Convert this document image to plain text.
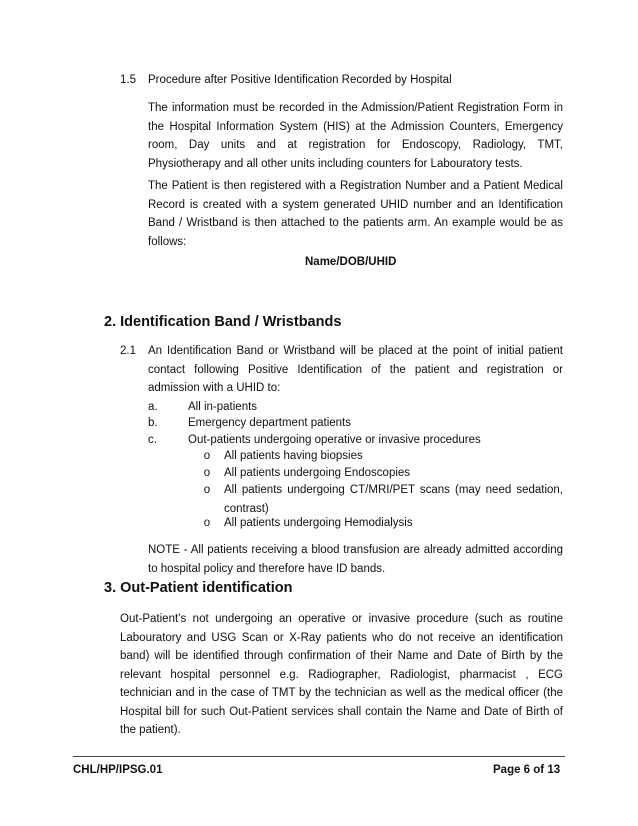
1.5 Procedure after Positive Identification Recorded by Hospital
The information must be recorded in the Admission/Patient Registration Form in the Hospital Information System (HIS) at the Admission Counters, Emergency room, Day units and at registration for Endoscopy, Radiology, TMT, Physiotherapy and all other units including counters for Labouratory tests.
The Patient is then registered with a Registration Number and a Patient Medical Record is created with a system generated UHID number and an Identification Band / Wristband is then attached to the patients arm. An example would be as follows:
Name/DOB/UHID
2. Identification Band / Wristbands
2.1 An Identification Band or Wristband will be placed at the point of initial patient contact following Positive Identification of the patient and registration or admission with a UHID to:
a.	All in-patients
b.	Emergency department patients
c.	Out-patients undergoing operative or invasive procedures
o All patients having biopsies
o All patients undergoing Endoscopies
o All patients undergoing CT/MRI/PET scans (may need sedation, contrast)
o All patients undergoing Hemodialysis
NOTE - All patients receiving a blood transfusion are already admitted according to hospital policy and therefore have ID bands.
3. Out-Patient identification
Out-Patient’s not undergoing an operative or invasive procedure (such as routine Labouratory and USG Scan or X-Ray patients who do not receive an identification band) will be identified through confirmation of their Name and Date of Birth by the relevant hospital personnel e.g. Radiographer, Radiologist, pharmacist , ECG technician and in the case of TMT by the technician as well as the medical officer (the Hospital bill for such Out-Patient services shall contain the Name and Date of Birth of the patient).
CHL/HP/IPSG.01	Page 6 of 13
